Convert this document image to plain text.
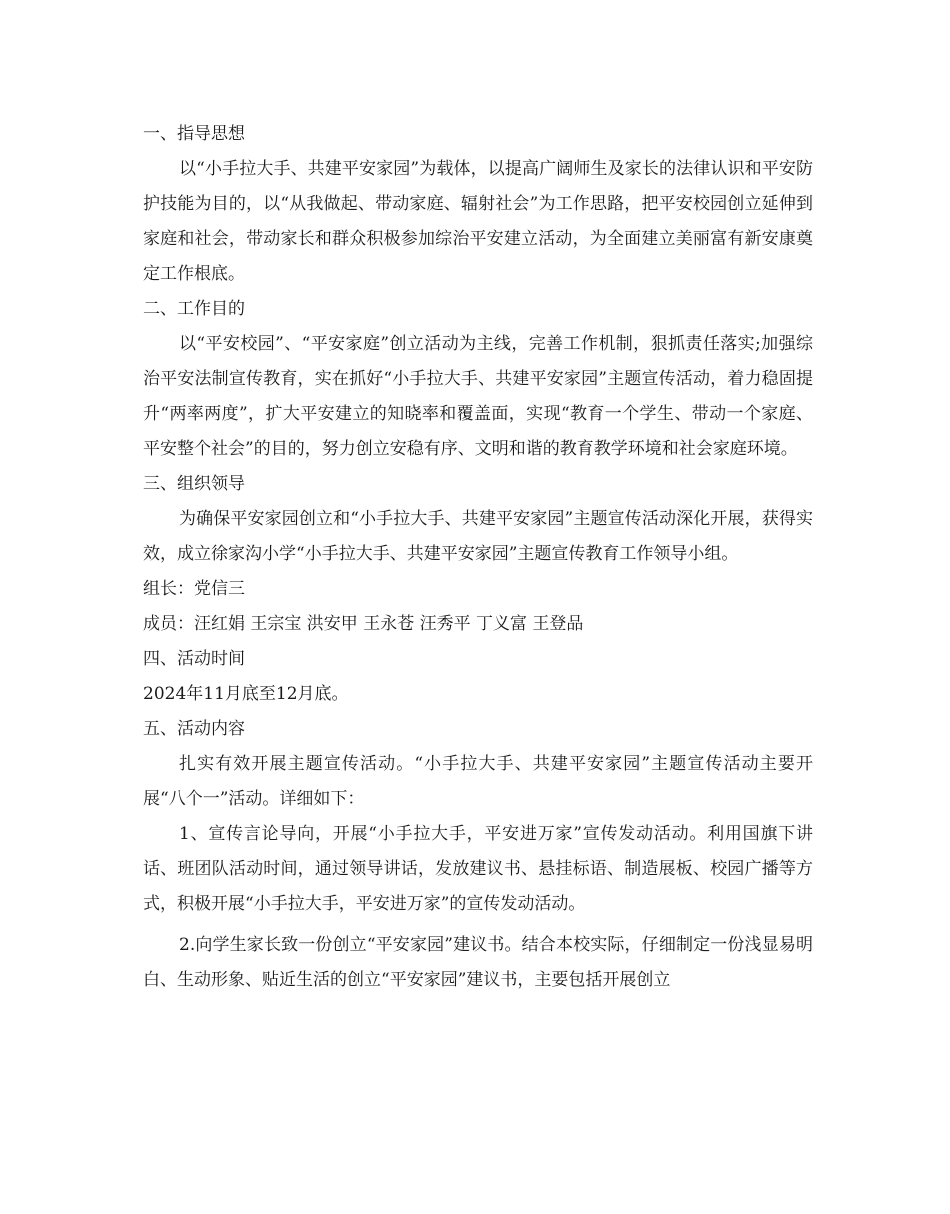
一、指导思想

以“小手拉大手、共建平安家园”为载体，以提高广阔师生及家长的法律认识和平安防护技能为目的，以“从我做起、带动家庭、辐射社会”为工作思路，把平安校园创立延伸到家庭和社会，带动家长和群众积极参加综治平安建立活动，为全面建立美丽富有新安康奠定工作根底。

二、工作目的

以“平安校园”、“平安家庭”创立活动为主线，完善工作机制，狠抓责任落实;加强综治平安法制宣传教育，实在抓好“小手拉大手、共建平安家园”主题宣传活动，着力稳固提升“两率两度”，扩大平安建立的知晓率和覆盖面，实现“教育一个学生、带动一个家庭、平安整个社会”的目的，努力创立安稳有序、文明和谐的教育教学环境和社会家庭环境。

三、组织领导

为确保平安家园创立和“小手拉大手、共建平安家园”主题宣传活动深化开展，获得实效，成立徐家沟小学“小手拉大手、共建平安家园”主题宣传教育工作领导小组。

组长：党信三

成员：汪红娟 王宗宝 洪安甲 王永苍 汪秀平 丁义富 王登品

四、活动时间

2024年11月底至12月底。

五、活动内容

扎实有效开展主题宣传活动。“小手拉大手、共建平安家园”主题宣传活动主要开展“八个一”活动。详细如下：

1、宣传言论导向，开展“小手拉大手，平安进万家”宣传发动活动。利用国旗下讲话、班团队活动时间，通过领导讲话，发放建议书、悬挂标语、制造展板、校园广播等方式，积极开展“小手拉大手，平安进万家”的宣传发动活动。

2.向学生家长致一份创立“平安家园”建议书。结合本校实际，仔细制定一份浅显易明白、生动形象、贴近生活的创立“平安家园”建议书，主要包括开展创立
